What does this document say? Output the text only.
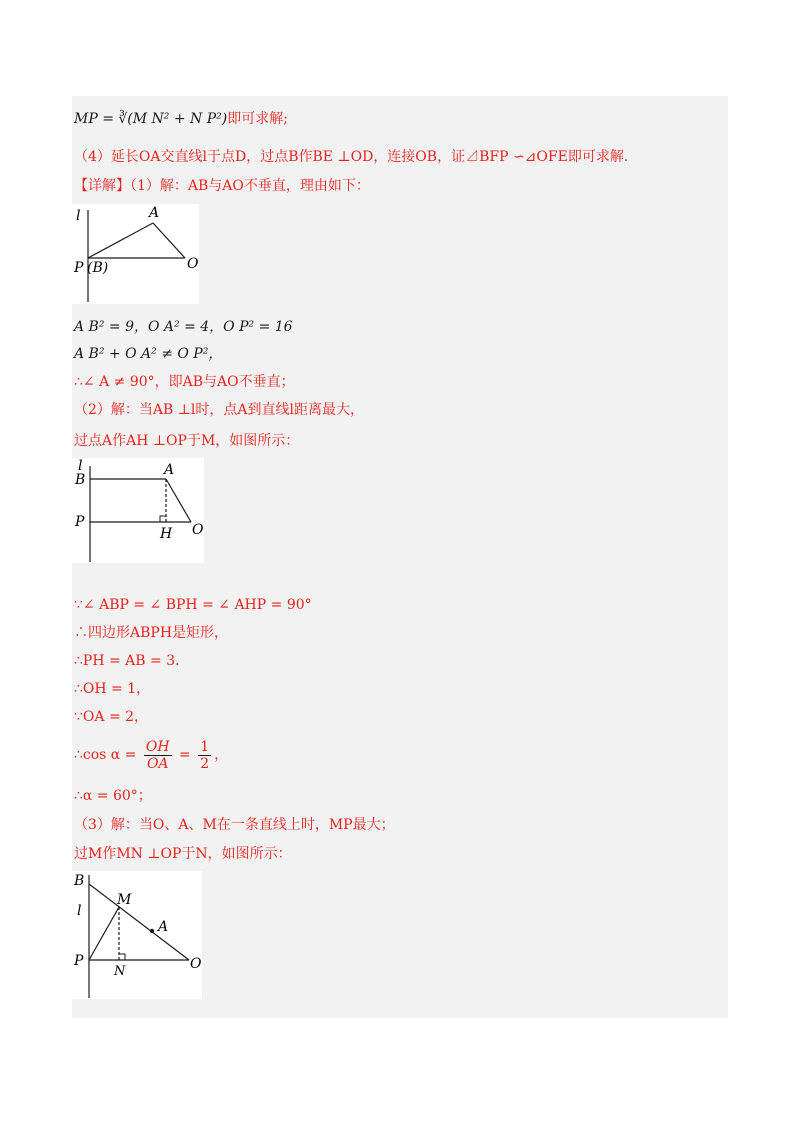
MP = ∛(M N² + N P²)即可求解;
（4）延长OA交直线l于点D，过点B作BE ⊥OD，连接OB，证⊿BFP ∽⊿OFE即可求解．
【详解】（1）解：AB与AO不垂直，理由如下：
l	A
P (B)	O
A B² = 9，O A² = 4，O P² = 16
A B² + O A² ≠ O P²，
∴∠ A ≠ 90°，即AB与AO不垂直；
（2）解：当AB ⊥l时，点A到直线l距离最大，
过点A作AH ⊥OP于M，如图所示：
l	A
B
P
H O
∵∠ ABP = ∠ BPH = ∠ AHP = 90°
∴四边形ABPH是矩形，
∴PH = AB = 3．
∴OH = 1，
∵OA = 2，
∴cos $\alpha = \frac{OH}{OA} = \frac{1}{2}$ ，
∴α = 60°；
（3）解：当O、A、M在一条直线上时，MP最大；
过M作MN ⊥OP于N，如图所示：
B
M
l
A
P
N	O
